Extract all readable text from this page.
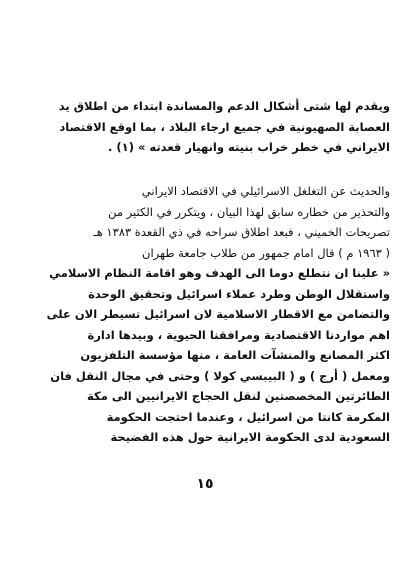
ويقدم لها شتى أشكال الدعم والمساندة ابتداء من اطلاق يد
العصابة الصهيونية في جميع ارجاء البلاد ، بما اوقع الاقتصاد
الايراني في خطر خراب بنيته وانهيار قعدته » (١) .
والحديث عن التغلغل الاسرائيلي في الاقتصاد الايراني
والتحذير من خطاره سابق لهذا البيان ، ويتكرر في الكثير من
تصريحات الخميني ، فبعد اطلاق سراحه في ذي القعدة ١٣٨٣ هـ
( ١٩٦٣ م ) قال امام جمهور من طلاب جامعة طهران
« علينا ان نتطلع دوما الى الهدف وهو اقامة النظام الاسلامي
واستقلال الوطن وطرد عملاء اسرائيل وتحقيق الوحدة
والتضامن مع الاقطار الاسلامية لان اسرائيل تسيطر الان على
اهم مواردنا الاقتصادية ومرافقنا الحيوية ، وبيدها ادارة
اكثر المصانع والمنشآت العامة ، منها مؤسسة التلفزيون
ومعمل ( أرج ) و ( البيبسي كولا ) وحتى في مجال النقل فان
الطائرتين المخصصتين لنقل الحجاج الايرانيين الى مكة
المكرمة كانتا من اسرائيل ، وعندما احتجت الحكومة
السعودية لدى الحكومة الايرانية حول هذه الفضيحة
١٥
